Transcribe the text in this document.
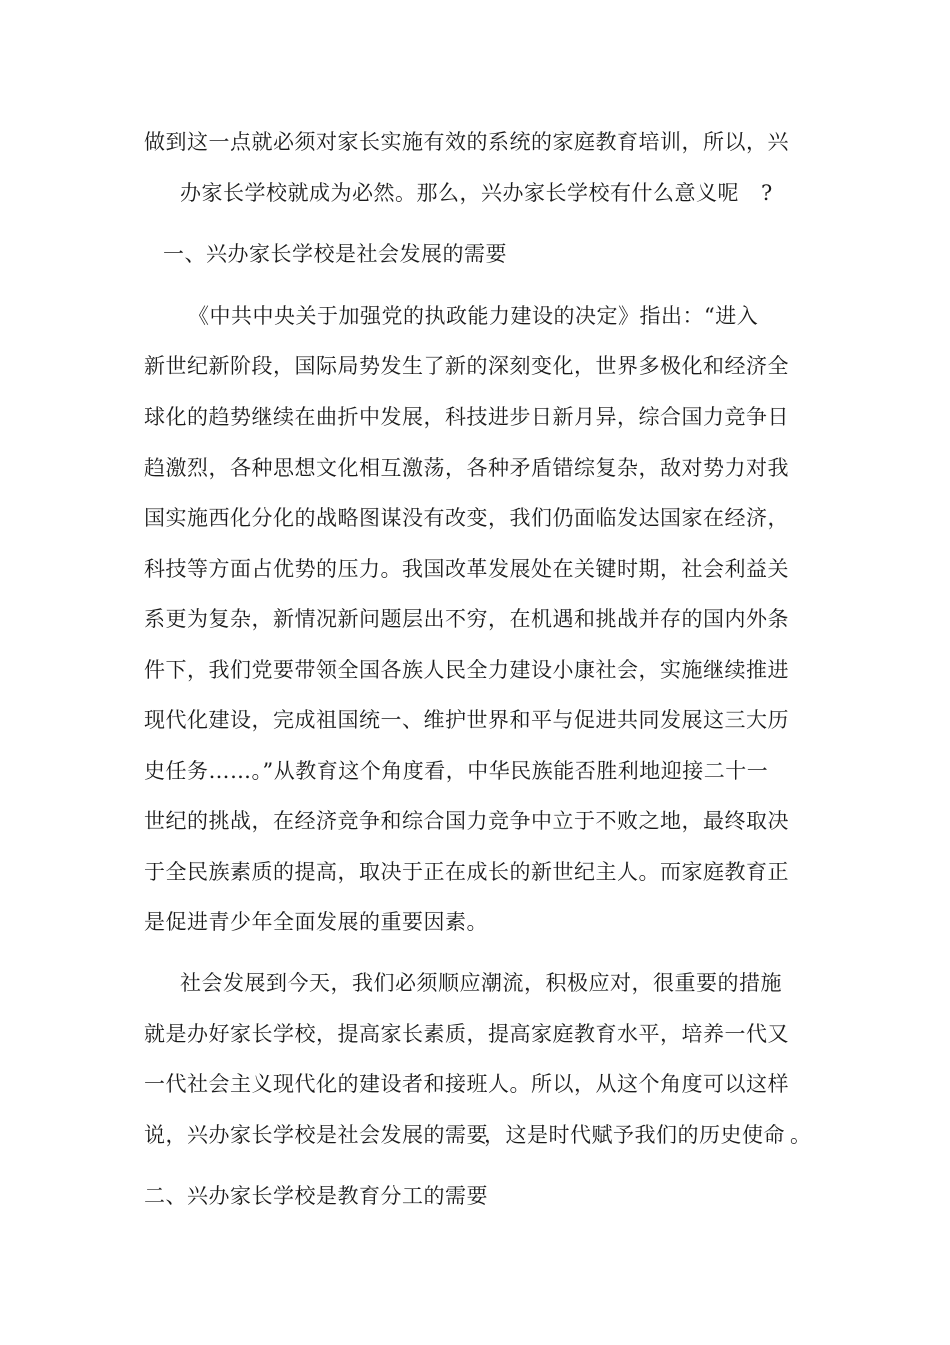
做到这一点就必须对家长实施有效的系统的家庭教育培训，所以，兴
办家长学校就成为必然。那么，兴办家长学校有什么意义呢 ?
一、兴办家长学校是社会发展的需要
《中共中央关于加强党的执政能力建设的决定》指出：“进入
新世纪新阶段，国际局势发生了新的深刻变化，世界多极化和经济全
球化的趋势继续在曲折中发展，科技进步日新月异，综合国力竞争日
趋激烈，各种思想文化相互激荡，各种矛盾错综复杂，敌对势力对我
国实施西化分化的战略图谋没有改变，我们仍面临发达国家在经济，
科技等方面占优势的压力。我国改革发展处在关键时期，社会利益关
系更为复杂，新情况新问题层出不穷，在机遇和挑战并存的国内外条
件下，我们党要带领全国各族人民全力建设小康社会，实施继续推进
现代化建设，完成祖国统一、维护世界和平与促进共同发展这三大历
史任务……。”从教育这个角度看，中华民族能否胜利地迎接二十一
世纪的挑战，在经济竞争和综合国力竞争中立于不败之地，最终取决
于全民族素质的提高，取决于正在成长的新世纪主人。而家庭教育正
是促进青少年全面发展的重要因素。
社会发展到今天，我们必须顺应潮流，积极应对，很重要的措施
就是办好家长学校，提高家长素质，提高家庭教育水平，培养一代又
一代社会主义现代化的建设者和接班人。所以，从这个角度可以这样
说，兴办家长学校是社会发展的需要
，这是时代赋予我们的历史使命 。
二、兴办家长学校是教育分工的需要
